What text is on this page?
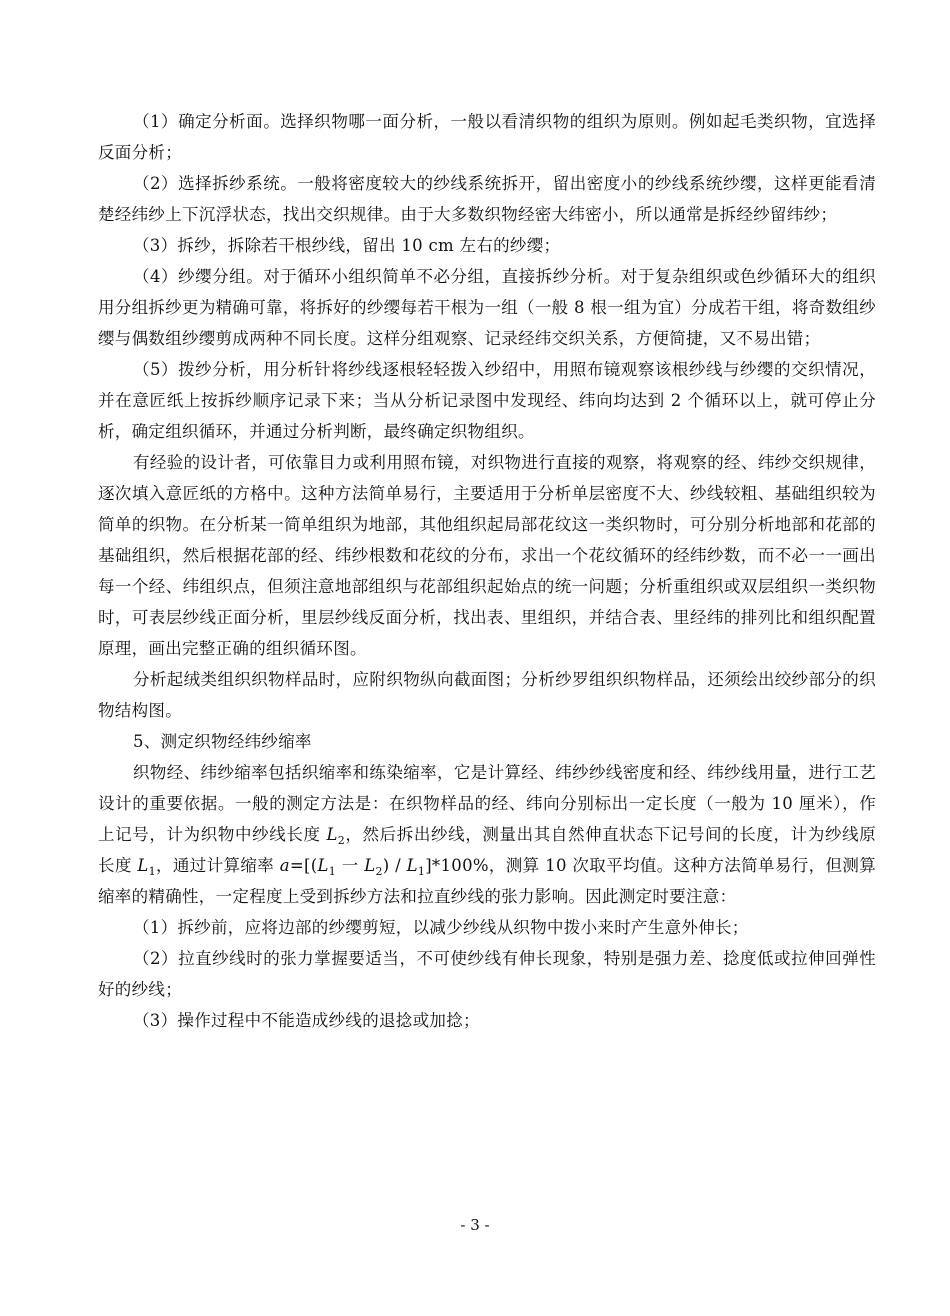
（1）确定分析面。选择织物哪一面分析，一般以看清织物的组织为原则。例如起毛类织物，宜选择反面分析；

（2）选择拆纱系统。一般将密度较大的纱线系统拆开，留出密度小的纱线系统纱缨，这样更能看清楚经纬纱上下沉浮状态，找出交织规律。由于大多数织物经密大纬密小，所以通常是拆经纱留纬纱；

（3）拆纱，拆除若干根纱线，留出 10 cm 左右的纱缨；

（4）纱缨分组。对于循环小组织简单不必分组，直接拆纱分析。对于复杂组织或色纱循环大的组织用分组拆纱更为精确可靠，将拆好的纱缨每若干根为一组（一般 8 根一组为宜）分成若干组，将奇数组纱缨与偶数组纱缨剪成两种不同长度。这样分组观察、记录经纬交织关系，方便简捷，又不易出错；

（5）拨纱分析，用分析针将纱线逐根轻轻拨入纱绍中，用照布镜观察该根纱线与纱缨的交织情况，并在意匠纸上按拆纱顺序记录下来；当从分析记录图中发现经、纬向均达到 2 个循环以上，就可停止分析，确定组织循环，并通过分析判断，最终确定织物组织。

有经验的设计者，可依靠目力或利用照布镜，对织物进行直接的观察，将观察的经、纬纱交织规律，逐次填入意匠纸的方格中。这种方法简单易行，主要适用于分析单层密度不大、纱线较粗、基础组织较为简单的织物。在分析某一简单组织为地部，其他组织起局部花纹这一类织物时，可分别分析地部和花部的基础组织，然后根据花部的经、纬纱根数和花纹的分布，求出一个花纹循环的经纬纱数，而不必一一画出每一个经、纬组织点，但须注意地部组织与花部组织起始点的统一问题；分析重组织或双层组织一类织物时，可表层纱线正面分析，里层纱线反面分析，找出表、里组织，并结合表、里经纬的排列比和组织配置原理，画出完整正确的组织循环图。

分析起绒类组织织物样品时，应附织物纵向截面图；分析纱罗组织织物样品，还须绘出绞纱部分的织物结构图。

5、测定织物经纬纱缩率

织物经、纬纱缩率包括织缩率和练染缩率，它是计算经、纬纱纱线密度和经、纬纱线用量，进行工艺设计的重要依据。一般的测定方法是：在织物样品的经、纬向分别标出一定长度（一般为 10 厘米），作上记号，计为织物中纱线长度 $L_2$，然后拆出纱线，测量出其自然伸直状态下记号间的长度，计为纱线原长度 $L_1$，通过计算缩率 $a=[(L_1$ 一 $L_2) / L_1]*100\%$，测算 10 次取平均值。这种方法简单易行，但测算缩率的精确性，一定程度上受到拆纱方法和拉直纱线的张力影响。因此测定时要注意：

（1）拆纱前，应将边部的纱缨剪短，以减少纱线从织物中拨小来时产生意外伸长；

（2）拉直纱线时的张力掌握要适当，不可使纱线有伸长现象，特别是强力差、捻度低或拉伸回弹性好的纱线；

（3）操作过程中不能造成纱线的退捻或加捻；

- 3 -
